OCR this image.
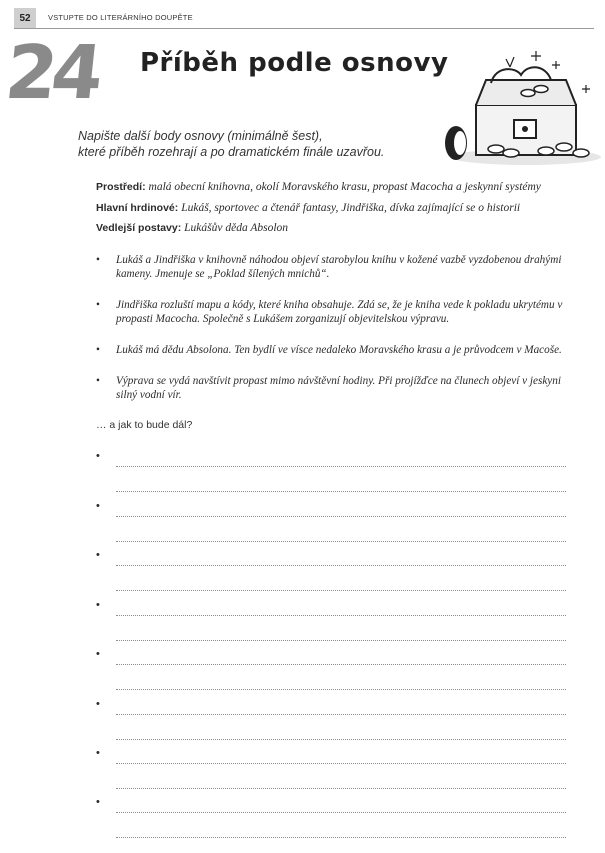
52	VSTUPTE DO LITERÁRNÍHO DOUPĚTE
24 Příběh podle osnovy
Napište další body osnovy (minimálně šest),
které příběh rozehrají a po dramatickém finále uzavřou.
Prostředí: malá obecní knihovna, okolí Moravského krasu, propast Macocha a jeskynní systémy
Hlavní hrdinové: Lukáš, sportovec a čtenář fantasy, Jindřiška, dívka zajímající se o historii
Vedlejší postavy: Lukášův děda Absolon
• Lukáš a Jindřiška v knihovně náhodou objeví starobylou knihu v kožené vazbě vyzdobenou drahými kameny. Jmenuje se „Poklad šílených mnichů“.
• Jindřiška rozluští mapu a kódy, které kniha obsahuje. Zdá se, že je kniha vede k pokladu ukrytému v propasti Macocha. Společně s Lukášem zorganizují objevitelskou výpravu.
• Lukáš má dědu Absolona. Ten bydlí ve vísce nedaleko Moravského krasu a je průvodcem v Macoše.
• Výprava se vydá navštívit propast mimo návštěvní hodiny. Při projížďce na člunech objeví v jeskyni silný vodní vír.
… a jak to bude dál?
•
•
•
•
•
•
•
•
